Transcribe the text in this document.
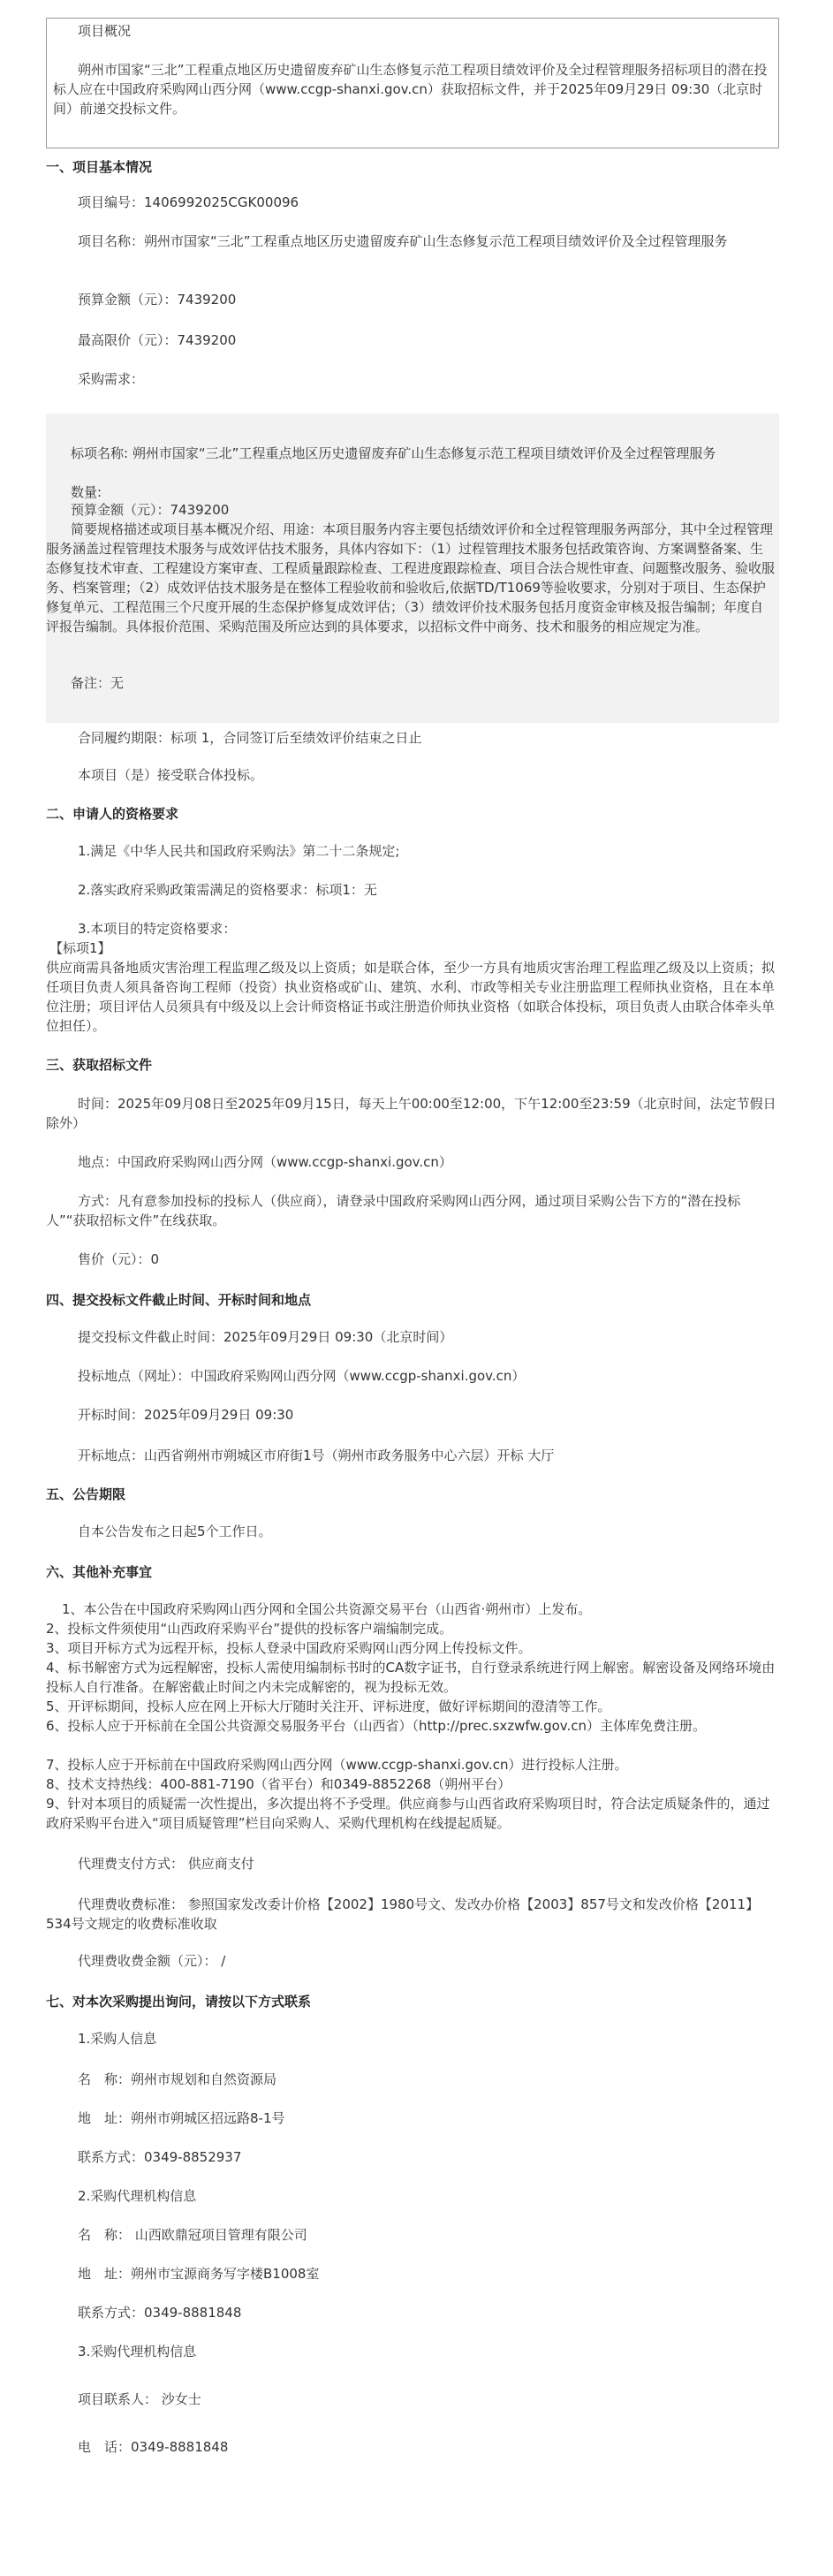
项目概况

朔州市国家“三北”工程重点地区历史遗留废弃矿山生态修复示范工程项目绩效评价及全过程管理服务招标项目的潜在投标人应在中国政府采购网山西分网（www.ccgp-shanxi.gov.cn）获取招标文件，并于2025年09月29日 09:30（北京时间）前递交投标文件。

一、项目基本情况

项目编号：1406992025CGK00096

项目名称：朔州市国家“三北”工程重点地区历史遗留废弃矿山生态修复示范工程项目绩效评价及全过程管理服务

预算金额（元）：7439200

最高限价（元）：7439200

采购需求：

标项名称: 朔州市国家“三北”工程重点地区历史遗留废弃矿山生态修复示范工程项目绩效评价及全过程管理服务

数量:

预算金额（元）：7439200

简要规格描述或项目基本概况介绍、用途：本项目服务内容主要包括绩效评价和全过程管理服务两部分，其中全过程管理服务涵盖过程管理技术服务与成效评估技术服务，具体内容如下：（1）过程管理技术服务包括政策咨询、方案调整备案、生态修复技术审查、工程建设方案审查、工程质量跟踪检查、工程进度跟踪检查、项目合法合规性审查、问题整改服务、验收服务、档案管理；（2）成效评估技术服务是在整体工程验收前和验收后,依据TD/T1069等验收要求，分别对于项目、生态保护修复单元、工程范围三个尺度开展的生态保护修复成效评估；（3）绩效评价技术服务包括月度资金审核及报告编制；年度自评报告编制。具体报价范围、采购范围及所应达到的具体要求，以招标文件中商务、技术和服务的相应规定为准。

备注：无

合同履约期限：标项 1，合同签订后至绩效评价结束之日止

本项目（是）接受联合体投标。

二、申请人的资格要求

1.满足《中华人民共和国政府采购法》第二十二条规定;

2.落实政府采购政策需满足的资格要求：标项1：无

3.本项目的特定资格要求：

【标项1】

供应商需具备地质灾害治理工程监理乙级及以上资质；如是联合体，至少一方具有地质灾害治理工程监理乙级及以上资质；拟任项目负责人须具备咨询工程师（投资）执业资格或矿山、建筑、水利、市政等相关专业注册监理工程师执业资格，且在本单位注册；项目评估人员须具有中级及以上会计师资格证书或注册造价师执业资格（如联合体投标，项目负责人由联合体牵头单位担任）。

三、获取招标文件

时间：2025年09月08日至2025年09月15日，每天上午00:00至12:00，下午12:00至23:59（北京时间，法定节假日除外）

地点：中国政府采购网山西分网（www.ccgp-shanxi.gov.cn）

方式：凡有意参加投标的投标人（供应商），请登录中国政府采购网山西分网，通过项目采购公告下方的“潜在投标人”“获取招标文件”在线获取。

售价（元）：0

四、提交投标文件截止时间、开标时间和地点

提交投标文件截止时间：2025年09月29日 09:30（北京时间）

投标地点（网址）：中国政府采购网山西分网（www.ccgp-shanxi.gov.cn）

开标时间：2025年09月29日 09:30

开标地点：山西省朔州市朔城区市府街1号（朔州市政务服务中心六层）开标 大厅

五、公告期限

自本公告发布之日起5个工作日。

六、其他补充事宜

1、本公告在中国政府采购网山西分网和全国公共资源交易平台（山西省·朔州市）上发布。

2、投标文件须使用“山西政府采购平台”提供的投标客户端编制完成。

3、项目开标方式为远程开标，投标人登录中国政府采购网山西分网上传投标文件。

4、标书解密方式为远程解密，投标人需使用编制标书时的CA数字证书，自行登录系统进行网上解密。解密设备及网络环境由投标人自行准备。在解密截止时间之内未完成解密的，视为投标无效。

5、开评标期间，投标人应在网上开标大厅随时关注开、评标进度，做好评标期间的澄清等工作。

6、投标人应于开标前在全国公共资源交易服务平台（山西省）（http://prec.sxzwfw.gov.cn）主体库免费注册。

7、投标人应于开标前在中国政府采购网山西分网（www.ccgp-shanxi.gov.cn）进行投标人注册。

8、技术支持热线：400-881-7190（省平台）和0349-8852268（朔州平台）

9、针对本项目的质疑需一次性提出，多次提出将不予受理。供应商参与山西省政府采购项目时，符合法定质疑条件的，通过政府采购平台进入“项目质疑管理”栏目向采购人、采购代理机构在线提起质疑。

代理费支付方式： 供应商支付

代理费收费标准： 参照国家发改委计价格【2002】1980号文、发改办价格【2003】857号文和发改价格【2011】534号文规定的收费标准收取

代理费收费金额（元）： /

七、对本次采购提出询问，请按以下方式联系

1.采购人信息

名　称：朔州市规划和自然资源局

地　址：朔州市朔城区招远路8-1号

联系方式：0349-8852937

2.采购代理机构信息

名　称： 山西欧鼎冠项目管理有限公司

地　址：朔州市宝源商务写字楼B1008室

联系方式：0349-8881848

3.采购代理机构信息

项目联系人： 沙女士

电　话：0349-8881848
